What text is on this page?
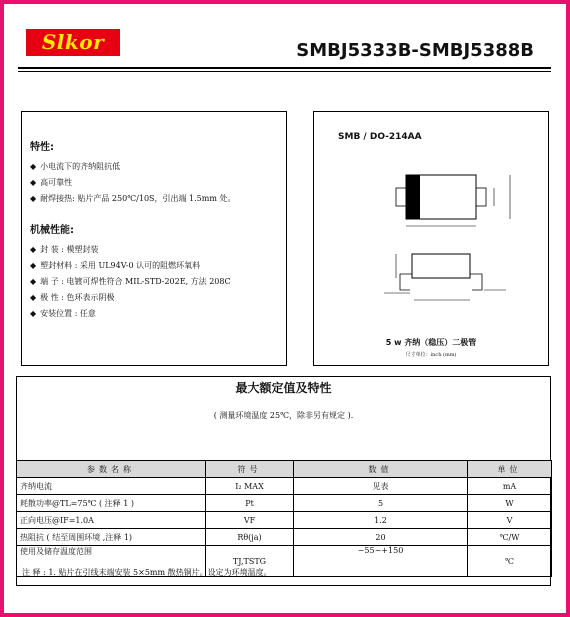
Slkor	SMBJ5333B-SMBJ5388B
特性:
◆ 小电流下的齐纳阻抗低
◆ 高可靠性
◆ 耐焊接热: 贴片产品 250℃/10S，引出端 1.5mm 处。
机械性能:
◆ 封 装 : 模塑封装
◆ 塑封材料 : 采用 UL94V-0 认可的阻燃环氧料
◆ 端 子 : 电镀可焊性符合 MIL-STD-202E, 方法 208C
◆ 极 性 : 色环表示阴极
◆ 安装位置 : 任意
SMB / DO-214AA
5 w 齐纳（稳压）二极管
尺寸单位：inch (mm)
最大额定值及特性
( 测量环境温度 25℃，除非另有规定 ).
参数名称	符号	数值	单位
齐纳电流	I₂ MAX	见表	mA
耗散功率@TL=75℃ ( 注释 1 )	Pt	5	W
正向电压@IF=1.0A	VF	1.2	V
热阻抗 ( 结至周围环境 ,注释 1)	Rθ(ja)	20	℃/W
使用及储存温度范围	TJ,TSTG	−55~+150	℃
注 释 : 1. 贴片在引线末端安装 5×5mm 散热铜片。设定为环境温度。
